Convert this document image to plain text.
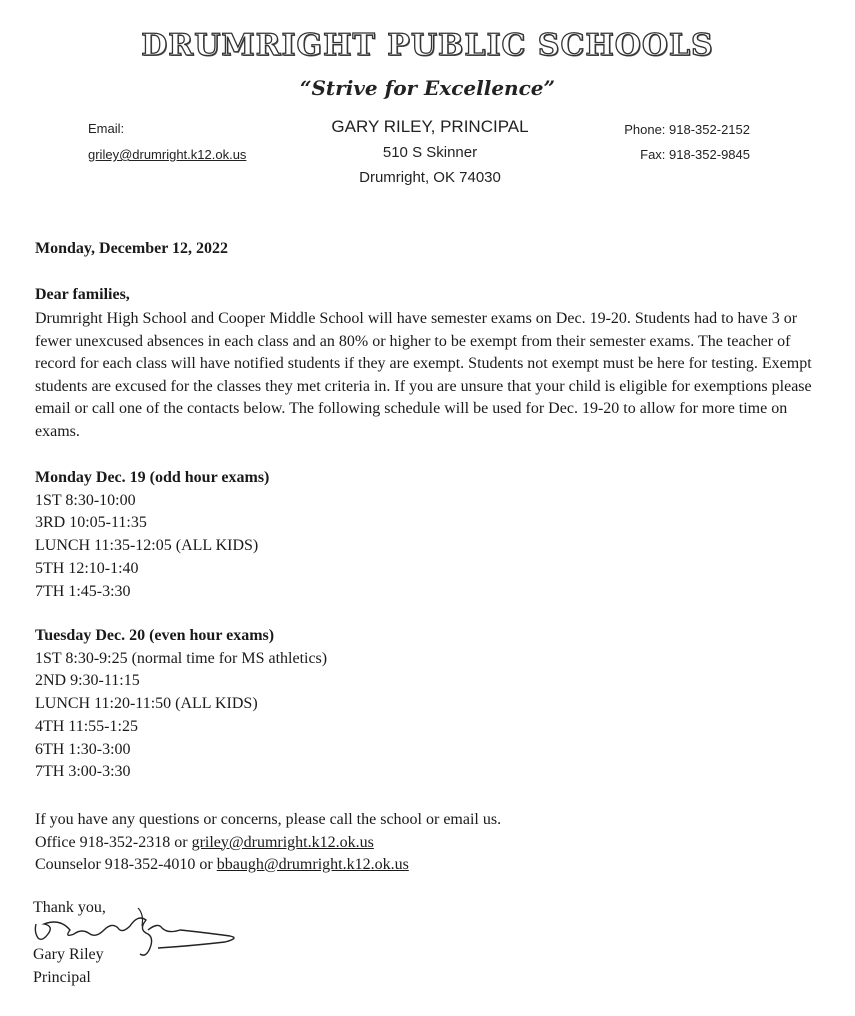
DRUMRIGHT PUBLIC SCHOOLS
“Strive for Excellence”
Email:
griley@drumright.k12.ok.us
GARY RILEY, PRINCIPAL
510 S Skinner
Drumright, OK 74030
Phone: 918-352-2152
Fax: 918-352-9845
Monday, December 12, 2022
Dear families,
Drumright High School and Cooper Middle School will have semester exams on Dec. 19-20. Students had to have 3 or fewer unexcused absences in each class and an 80% or higher to be exempt from their semester exams. The teacher of record for each class will have notified students if they are exempt. Students not exempt must be here for testing. Exempt students are excused for the classes they met criteria in. If you are unsure that your child is eligible for exemptions please email or call one of the contacts below. The following schedule will be used for Dec. 19-20 to allow for more time on exams.
Monday Dec. 19 (odd hour exams)
1ST 8:30-10:00
3RD 10:05-11:35
LUNCH 11:35-12:05 (ALL KIDS)
5TH 12:10-1:40
7TH 1:45-3:30
Tuesday Dec. 20 (even hour exams)
1ST 8:30-9:25 (normal time for MS athletics)
2ND 9:30-11:15
LUNCH 11:20-11:50 (ALL KIDS)
4TH 11:55-1:25
6TH 1:30-3:00
7TH 3:00-3:30
If you have any questions or concerns, please call the school or email us.
Office 918-352-2318 or griley@drumright.k12.ok.us
Counselor 918-352-4010 or bbaugh@drumright.k12.ok.us
Thank you,
Gary Riley
Principal
